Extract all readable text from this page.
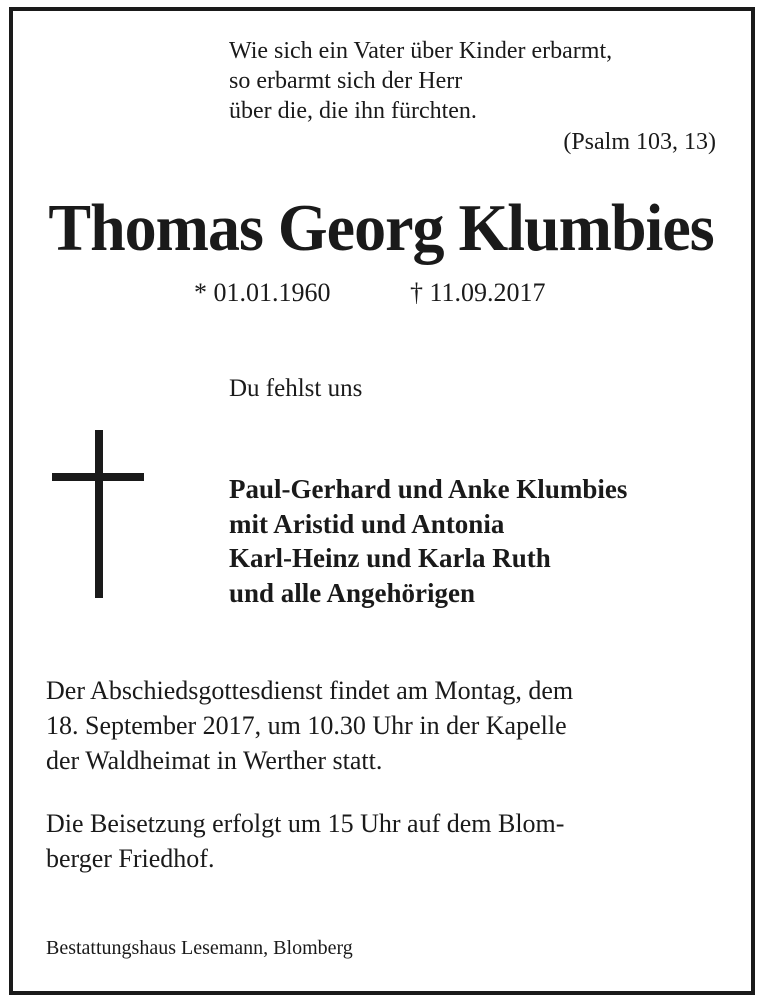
Wie sich ein Vater über Kinder erbarmt,
so erbarmt sich der Herr
über die, die ihn fürchten.

(Psalm 103, 13)
Thomas Georg Klumbies
* 01.01.1960	† 11.09.2017
Du fehlst uns

Paul-Gerhard und Anke Klumbies
mit Aristid und Antonia
Karl-Heinz und Karla Ruth
und alle Angehörigen

Der Abschiedsgottesdienst findet am Montag, dem
18. September 2017, um 10.30 Uhr in der Kapelle
der Waldheimat in Werther statt.

Die Beisetzung erfolgt um 15 Uhr auf dem Blom-
berger Friedhof.

Bestattungshaus Lesemann, Blomberg
